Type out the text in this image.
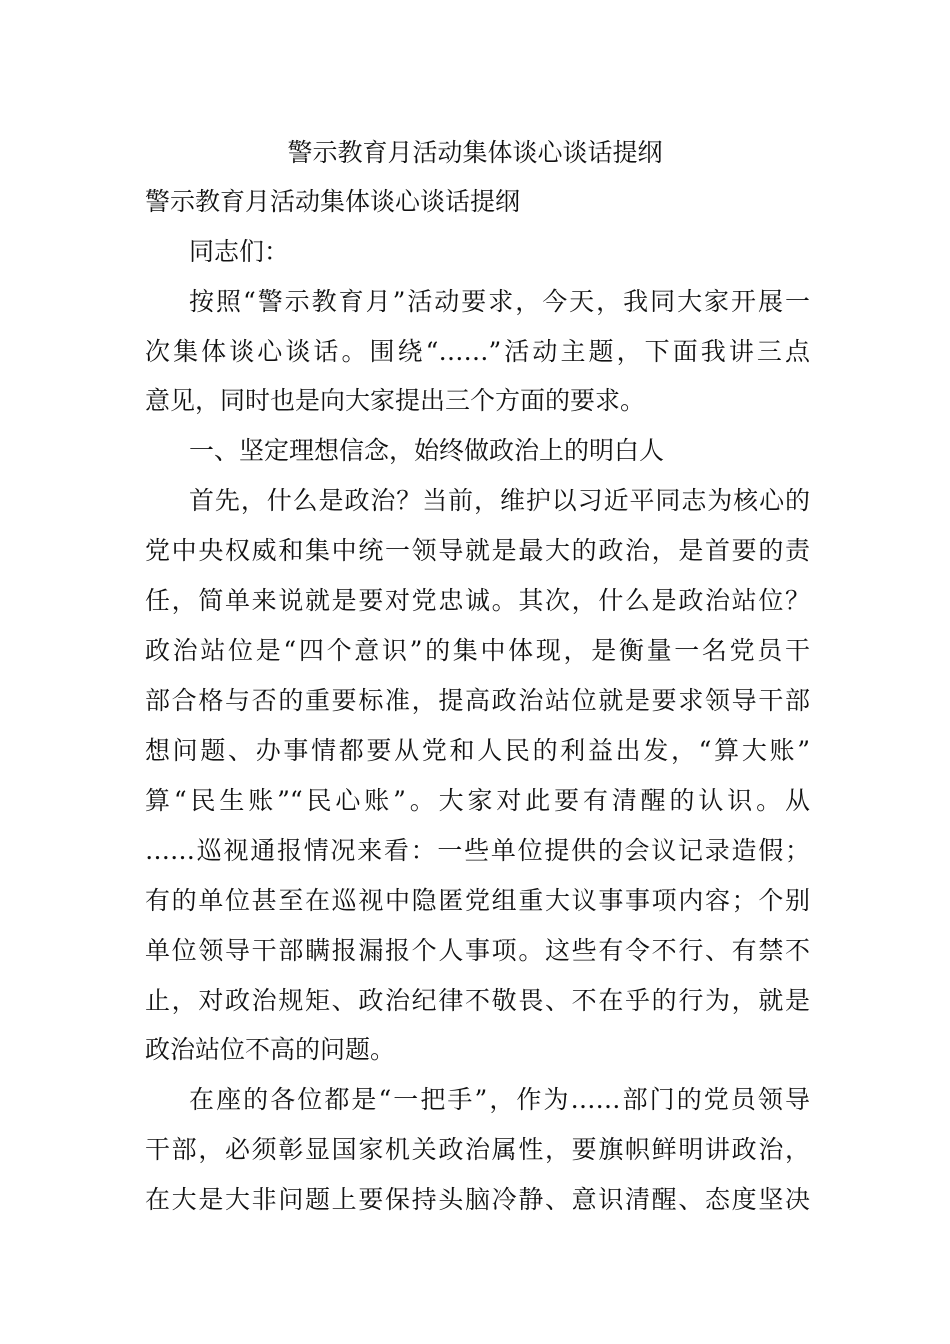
警示教育月活动集体谈心谈话提纲
警示教育月活动集体谈心谈话提纲

同志们：

按照“警示教育月”活动要求，今天，我同大家开展一

次集体谈心谈话。围绕“……”活动主题，下面我讲三点

意见，同时也是向大家提出三个方面的要求。

一、坚定理想信念，始终做政治上的明白人

首先，什么是政治？当前，维护以习近平同志为核心的

党中央权威和集中统一领导就是最大的政治，是首要的责

任，简单来说就是要对党忠诚。其次，什么是政治站位？

政治站位是“四个意识”的集中体现，是衡量一名党员干

部合格与否的重要标准，提高政治站位就是要求领导干部

想问题、办事情都要从党和人民的利益出发，“算大账”

算“民生账”“民心账”。大家对此要有清醒的认识。从

……巡视通报情况来看：一些单位提供的会议记录造假；

有的单位甚至在巡视中隐匿党组重大议事事项内容；个别

单位领导干部瞒报漏报个人事项。这些有令不行、有禁不

止，对政治规矩、政治纪律不敬畏、不在乎的行为，就是

政治站位不高的问题。

在座的各位都是“一把手”，作为……部门的党员领导

干部，必须彰显国家机关政治属性，要旗帜鲜明讲政治，

在大是大非问题上要保持头脑冷静、意识清醒、态度坚决
